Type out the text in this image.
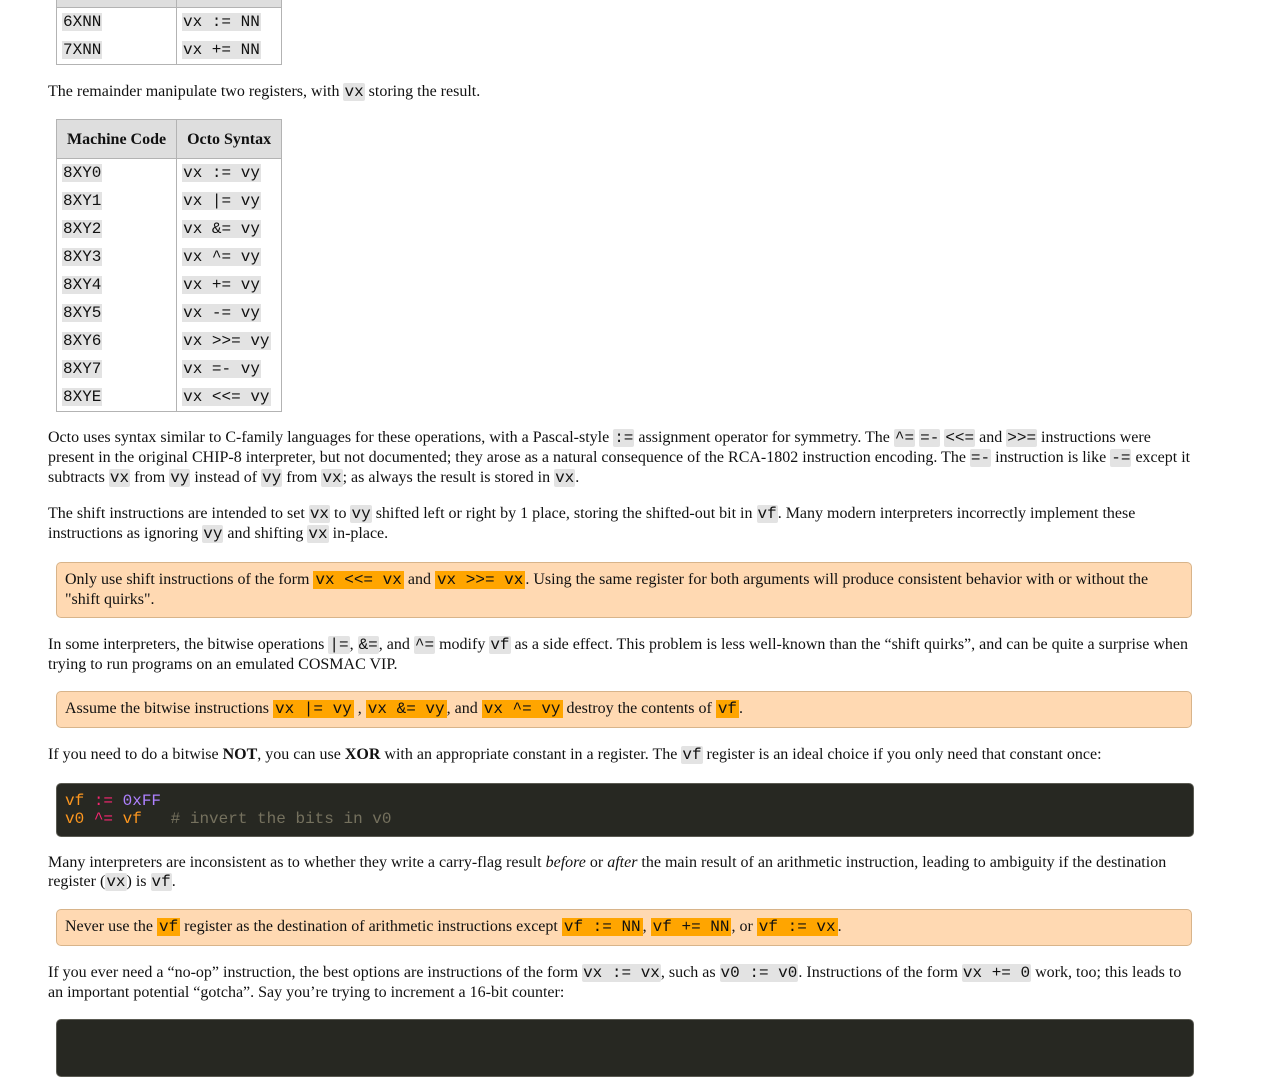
6XNN	vx := NN
7XNN	vx += NN

The remainder manipulate two registers, with vx storing the result.

Machine Code	Octo Syntax
8XY0	vx := vy
8XY1	vx |= vy
8XY2	vx &= vy
8XY3	vx ^= vy
8XY4	vx += vy
8XY5	vx -= vy
8XY6	vx >>= vy
8XY7	vx =- vy
8XYE	vx <<= vy

Octo uses syntax similar to C-family languages for these operations, with a Pascal-style := assignment operator for symmetry. The ^= =- <<= and >>= instructions were present in the original CHIP-8 interpreter, but not documented; they arose as a natural consequence of the RCA-1802 instruction encoding. The =- instruction is like -= except it subtracts vx from vy instead of vy from vx; as always the result is stored in vx.

The shift instructions are intended to set vx to vy shifted left or right by 1 place, storing the shifted-out bit in vf. Many modern interpreters incorrectly implement these instructions as ignoring vy and shifting vx in-place.

Only use shift instructions of the form vx <<= vx and vx >>= vx . Using the same register for both arguments will produce consistent behavior with or without the "shift quirks".

In some interpreters, the bitwise operations |=, &=, and ^= modify vf as a side effect. This problem is less well-known than the “shift quirks”, and can be quite a surprise when trying to run programs on an emulated COSMAC VIP.

Assume the bitwise instructions vx |= vy , vx &= vy , and vx ^= vy destroy the contents of vf .

If you need to do a bitwise NOT, you can use XOR with an appropriate constant in a register. The vf register is an ideal choice if you only need that constant once:

vf := 0xFF
v0 ^= vf # invert the bits in v0

Many interpreters are inconsistent as to whether they write a carry-flag result before or after the main result of an arithmetic instruction, leading to ambiguity if the destination register (vx) is vf.

Never use the vf register as the destination of arithmetic instructions except vf := NN , vf += NN , or vf := vx .

If you ever need a “no-op” instruction, the best options are instructions of the form vx := vx, such as v0 := v0. Instructions of the form vx += 0 work, too; this leads to an important potential “gotcha”. Say you’re trying to increment a 16-bit counter:
